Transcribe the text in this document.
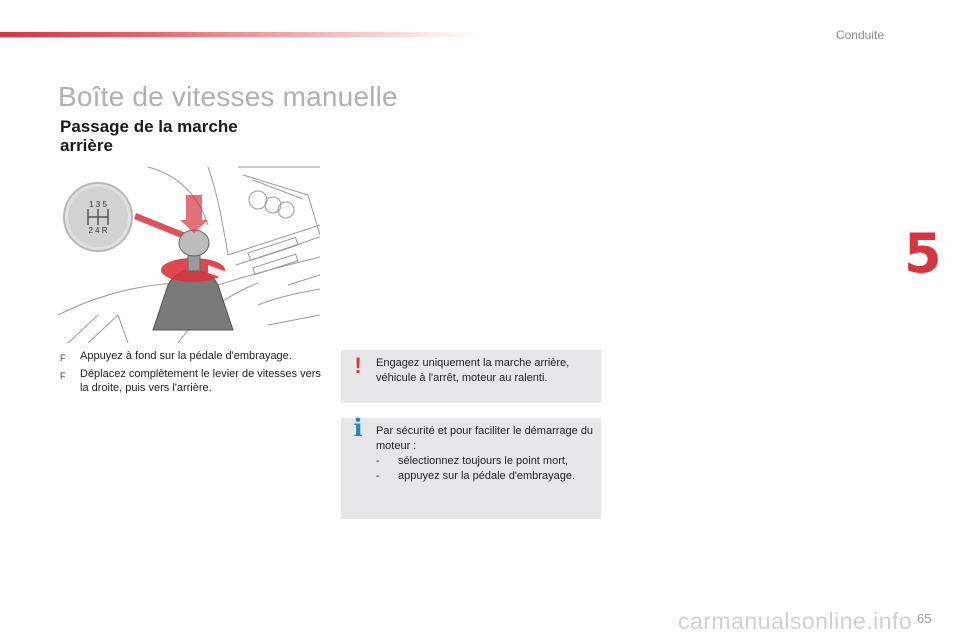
Conduite
Boîte de vitesses manuelle
Passage de la marche
arrière
5
1 3 5
2 4 R
F	Appuyez à fond sur la pédale d'embrayage.
F	Déplacez complètement le levier de vitesses vers la droite, puis vers l'arrière.
!	Engagez uniquement la marche arrière, véhicule à l'arrêt, moteur au ralenti.
i	Par sécurité et pour faciliter le démarrage du moteur :
-	sélectionnez toujours le point mort,
-	appuyez sur la pédale d'embrayage.
carmanualsonline.info 65
